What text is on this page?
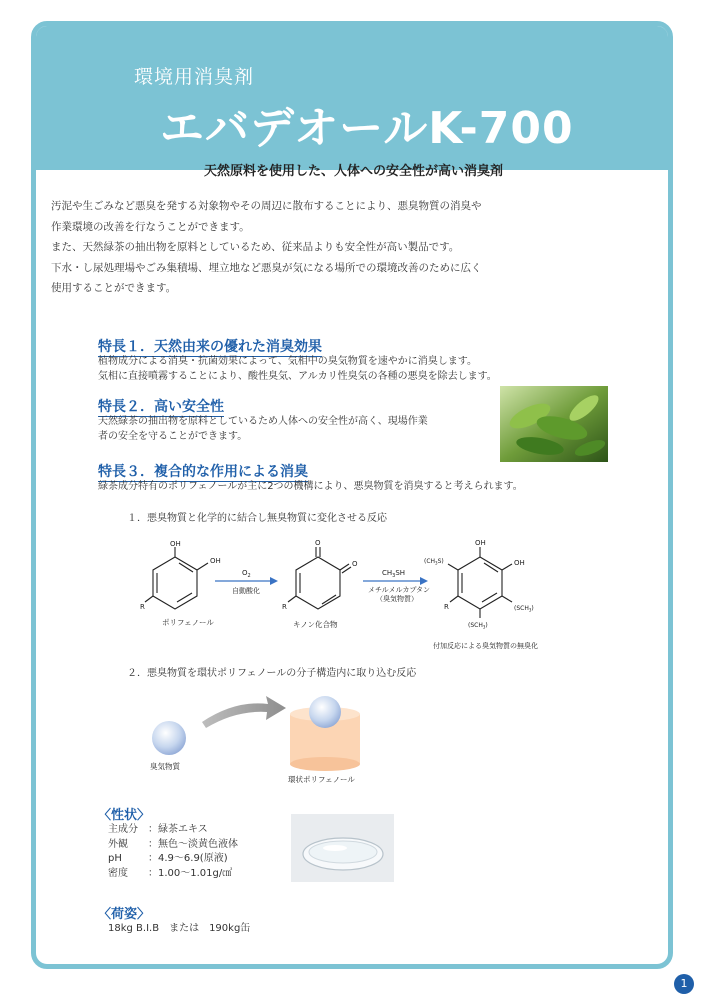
環境用消臭剤
エバデオールK-700
天然原料を使用した、人体への安全性が高い消臭剤
汚泥や生ごみなど悪臭を発する対象物やその周辺に散布することにより、悪臭物質の消臭や
作業環境の改善を行なうことができます。
また、天然緑茶の抽出物を原料としているため、従来品よりも安全性が高い製品です。
下水・し尿処理場やごみ集積場、埋立地など悪臭が気になる場所での環境改善のために広く
使用することができます。
特長１．天然由来の優れた消臭効果
植物成分による消臭・抗菌効果によって、気相中の臭気物質を速やかに消臭します。
気相に直接噴霧することにより、酸性臭気、アルカリ性臭気の各種の悪臭を除去します。
特長２．高い安全性
天然緑茶の抽出物を原料としているため人体への安全性が高く、現場作業
者の安全を守ることができます。
特長３．複合的な作用による消臭
緑茶成分特有のポリフェノールが主に2つの機構により、悪臭物質を消臭すると考えられます。
１．悪臭物質と化学的に結合し無臭物質に変化させる反応
OH
OH
R
ポリフェノール
$O_2$
自動酸化
O
O
R
キノン化合物
$CH_3SH$
メチルメルカプタン
（臭気物質）
OH
OH
$(CH_3S)$
$(SCH_3)$
$(SCH_3)$
R
付加反応による臭気物質の無臭化
２．悪臭物質を環状ポリフェノールの分子構造内に取り込む反応
臭気物質
環状ポリフェノール
〈性状〉
主成分 ：緑茶エキス
外観 ：無色～淡黄色液体
pH	：4.9～6.9(原液)
密度 ：1.00～1.01g/㎤
〈荷姿〉
18kg B.I.B　または　190kg缶
1
